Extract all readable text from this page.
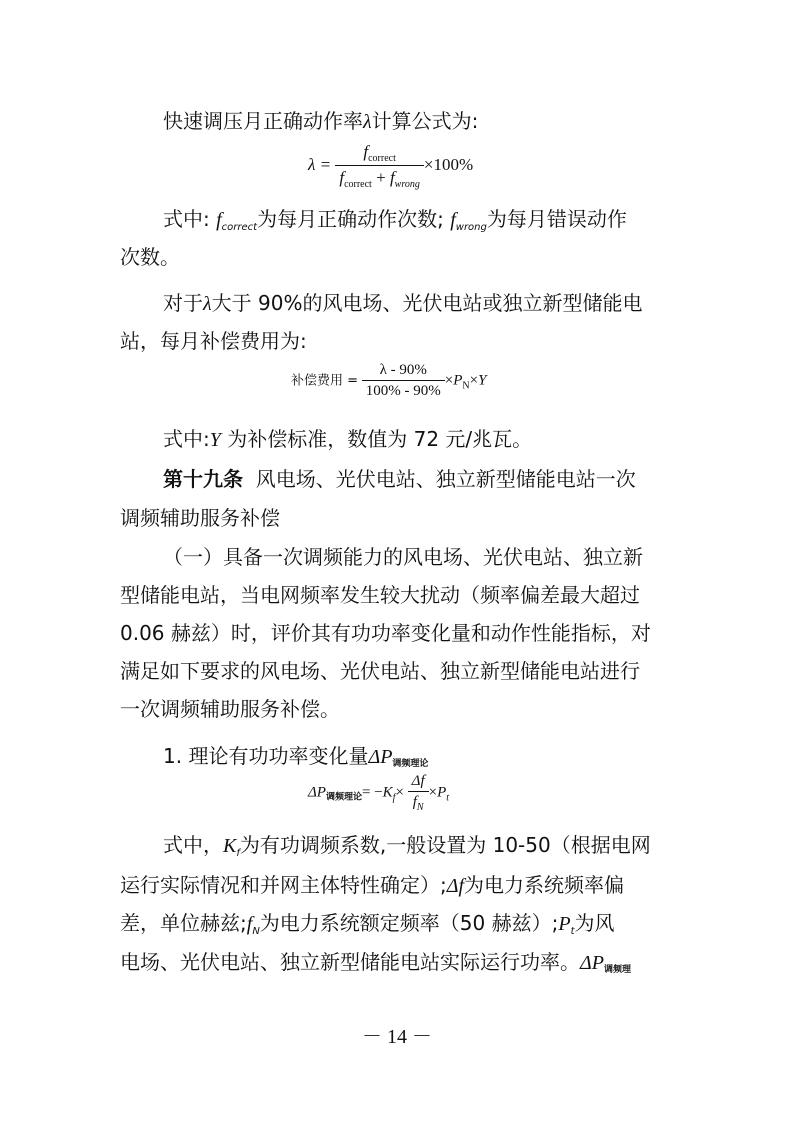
快速调压月正确动作率λ计算公式为:
$\lambda = \frac{f_{correct}}{f_{correct} + f_{wrong}} \times 100\%$
式中: $f_{correct}$为每月正确动作次数; $f_{wrong}$为每月错误动作
次数。
对于λ大于 90%的风电场、光伏电站或独立新型储能电
站，每月补偿费用为:
补偿费用 = $\frac{\lambda - 90\%}{100\% - 90\%} \times P_N\times Y$
式中:Y 为补偿标准，数值为 72 元/兆瓦。
第十九条 风电场、光伏电站、独立新型储能电站一次
调频辅助服务补偿
（一）具备一次调频能力的风电场、光伏电站、独立新
型储能电站，当电网频率发生较大扰动（频率偏差最大超过
0.06 赫兹）时，评价其有功功率变化量和动作性能指标，对
满足如下要求的风电场、光伏电站、独立新型储能电站进行
一次调频辅助服务补偿。
1. 理论有功功率变化量$\Delta P_{调频理论}$
$\Delta P_{调频理论}= -K_f\times \frac{\Delta f}{f_N} \times P_t$
式中，$K_f$为有功调频系数,一般设置为 10-50（根据电网
运行实际情况和并网主体特性确定）;Δf为电力系统频率偏
差，单位赫兹$;f_N$为电力系统额定频率（50 赫兹）$;P_t$为风
电场、光伏电站、独立新型储能电站实际运行功率。$\Delta P_{调频理}$
－ 14 －
